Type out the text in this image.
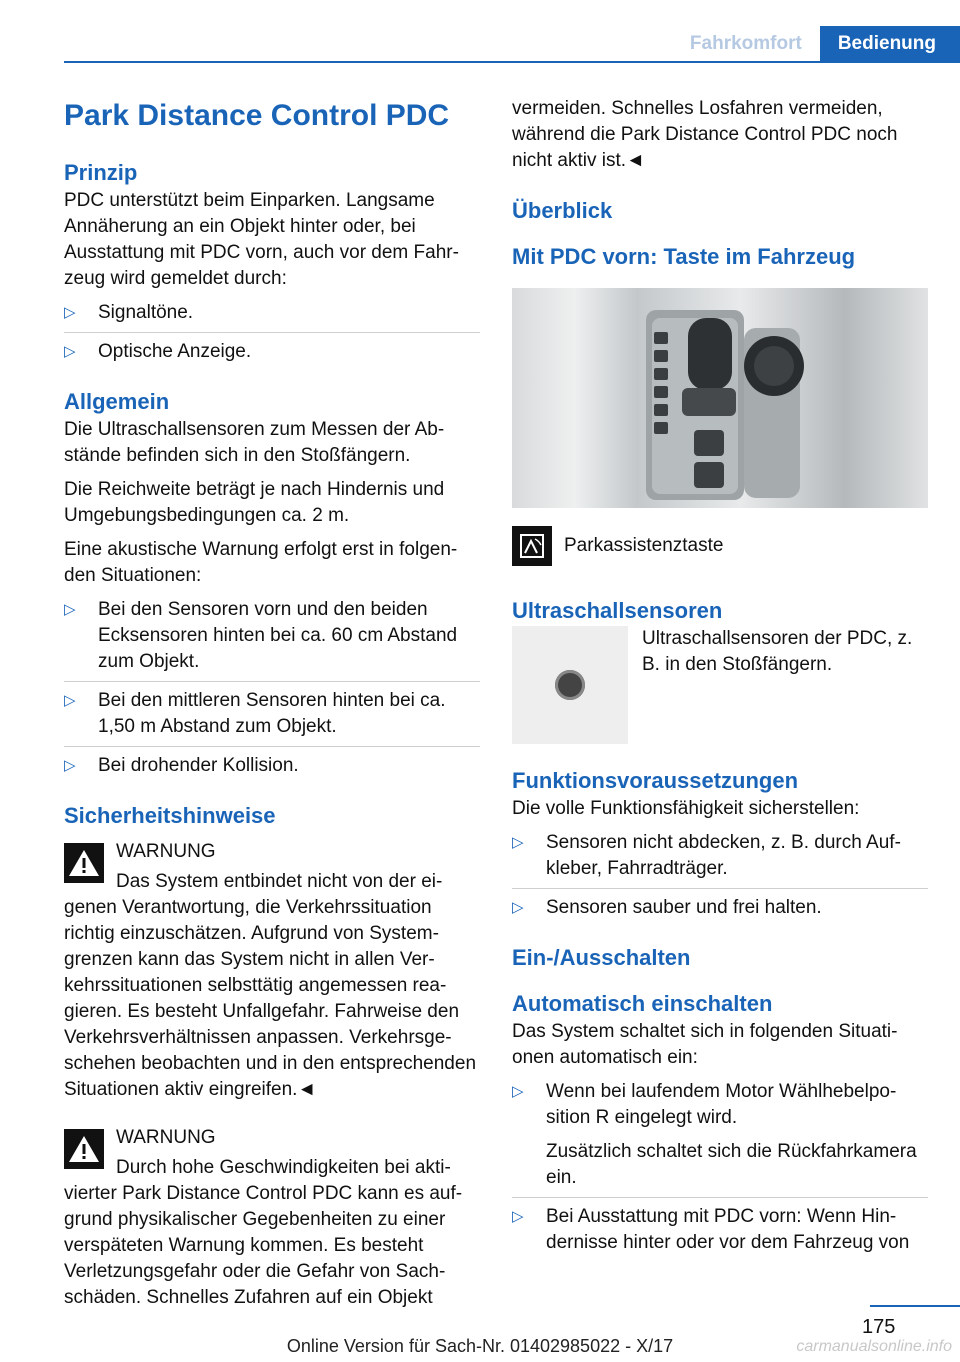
Fahrkomfort	Bedienung
Park Distance Control PDC
Prinzip

PDC unterstützt beim Einparken. Langsame Annäherung an ein Objekt hinter oder, bei Ausstattung mit PDC vorn, auch vor dem Fahrzeug wird gemeldet durch:

▷ Signaltöne.
▷ Optische Anzeige.
Allgemein

Die Ultraschallsensoren zum Messen der Abstände befinden sich in den Stoßfängern.

Die Reichweite beträgt je nach Hindernis und Umgebungsbedingungen ca. 2 m.

Eine akustische Warnung erfolgt erst in folgenden Situationen:

▷ Bei den Sensoren vorn und den beiden Ecksensoren hinten bei ca. 60 cm Abstand zum Objekt.
▷ Bei den mittleren Sensoren hinten bei ca. 1,50 m Abstand zum Objekt.
▷ Bei drohender Kollision.
Sicherheitshinweise
WARNUNG
Das System entbindet nicht von der eigenen Verantwortung, die Verkehrssituation richtig einzuschätzen. Aufgrund von Systemgrenzen kann das System nicht in allen Verkehrssituationen selbsttätig angemessen reagieren. Es besteht Unfallgefahr. Fahrweise den Verkehrsverhältnissen anpassen. Verkehrsgeschehen beobachten und in den entsprechenden Situationen aktiv eingreifen.◄
WARNUNG
Durch hohe Geschwindigkeiten bei aktivierter Park Distance Control PDC kann es aufgrund physikalischer Gegebenheiten zu einer verspäteten Warnung kommen. Es besteht Verletzungsgefahr oder die Gefahr von Sachschäden. Schnelles Zufahren auf ein Objekt

vermeiden. Schnelles Losfahren vermeiden, während die Park Distance Control PDC noch nicht aktiv ist.◄

Überblick
Mit PDC vorn: Taste im Fahrzeug
Parkassistenztaste
Ultraschallsensoren

Ultraschallsensoren der PDC, z. B. in den Stoßfängern.

Funktionsvoraussetzungen

Die volle Funktionsfähigkeit sicherstellen:

▷ Sensoren nicht abdecken, z. B. durch Aufkleber, Fahrradträger.
▷ Sensoren sauber und frei halten.
Ein-/Ausschalten
Automatisch einschalten

Das System schaltet sich in folgenden Situationen automatisch ein:

▷ Wenn bei laufendem Motor Wählhebelposition R eingelegt wird.
Zusätzlich schaltet sich die Rückfahrkamera ein.
▷ Bei Ausstattung mit PDC vorn: Wenn Hindernisse hinter oder vor dem Fahrzeug von
175
Online Version für Sach-Nr. 01402985022 - X/17	carmanualsonline.info
